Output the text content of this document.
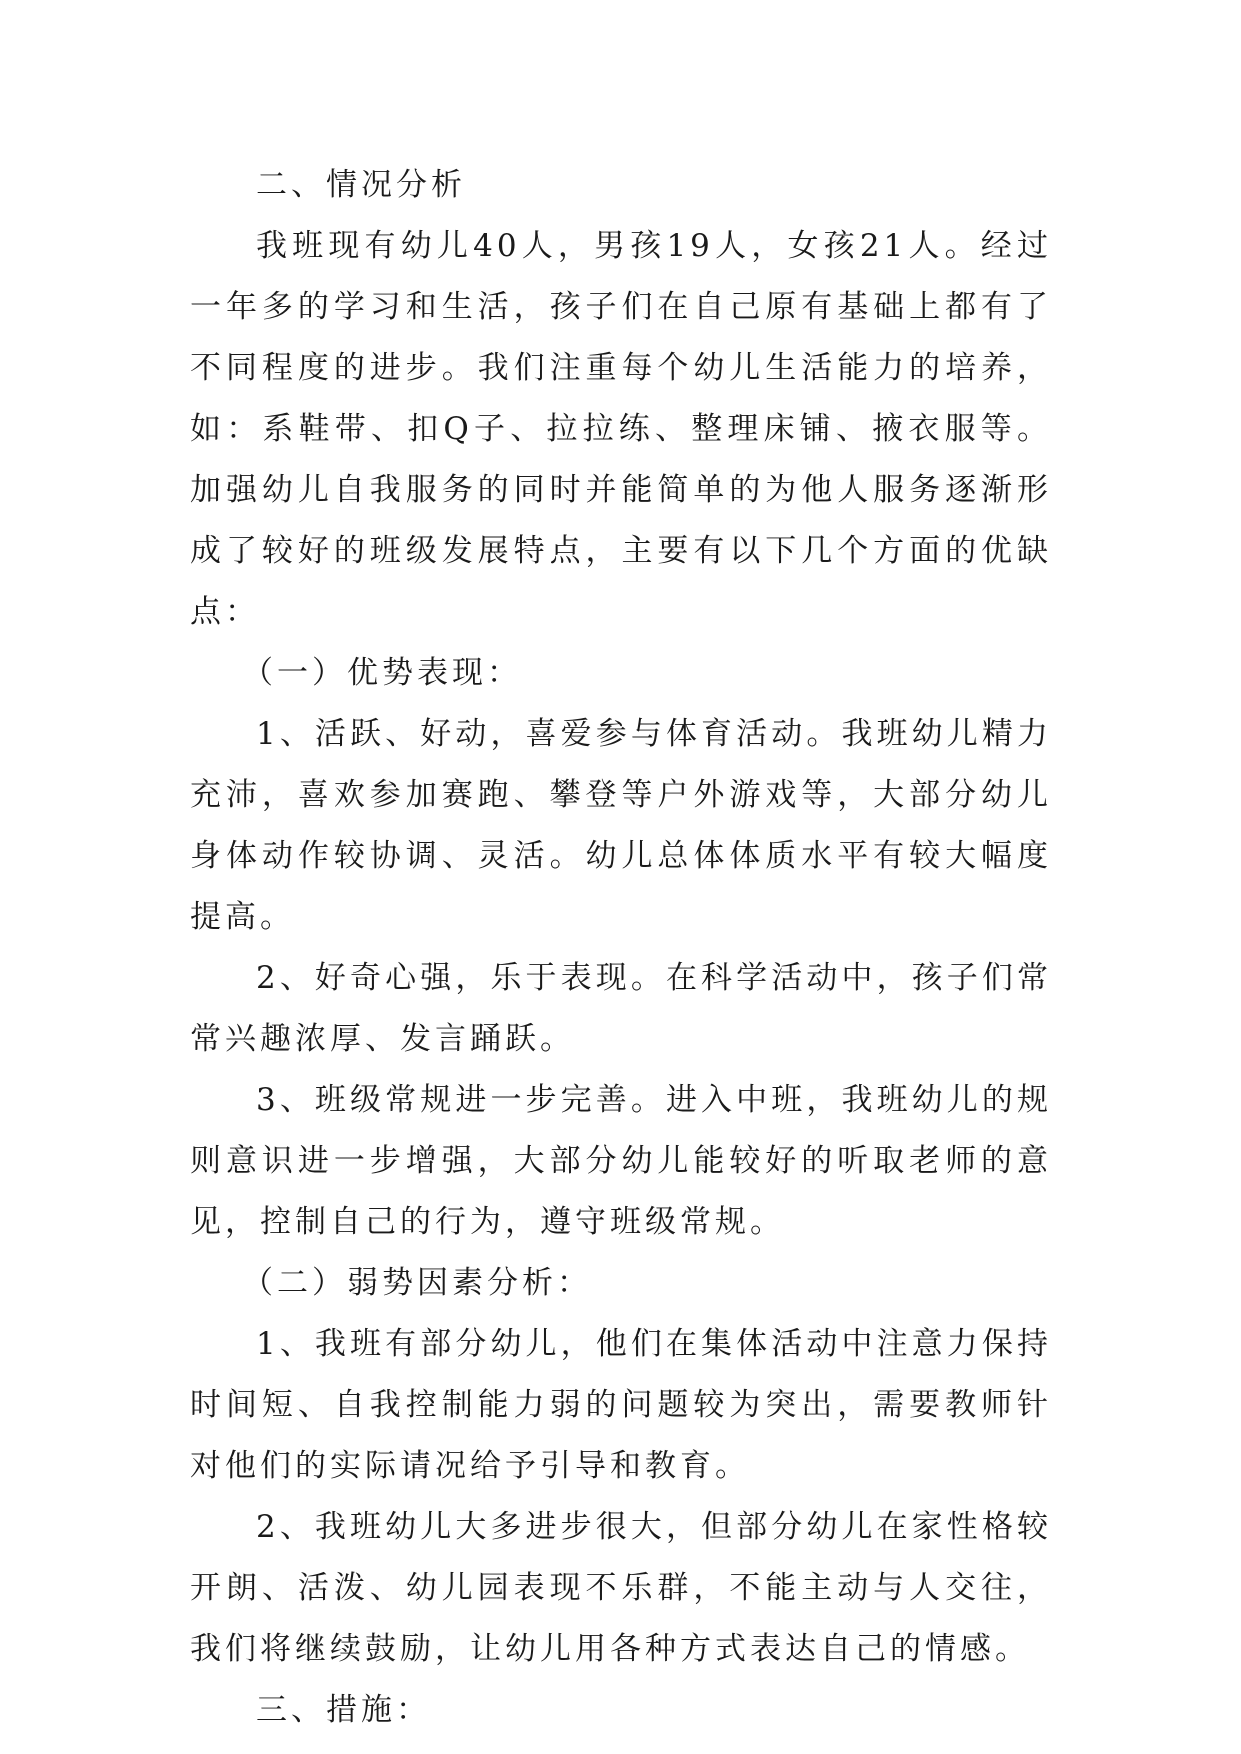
二、情况分析

我班现有幼儿40人，男孩19人，女孩21人。经过一年多的学习和生活，孩子们在自己原有基础上都有了不同程度的进步。我们注重每个幼儿生活能力的培养，如：系鞋带、扣Q子、拉拉练、整理床铺、掖衣服等。加强幼儿自我服务的同时并能简单的为他人服务逐渐形成了较好的班级发展特点，主要有以下几个方面的优缺点：

（一）优势表现：

1、活跃、好动，喜爱参与体育活动。我班幼儿精力充沛，喜欢参加赛跑、攀登等户外游戏等，大部分幼儿身体动作较协调、灵活。幼儿总体体质水平有较大幅度提高。

2、好奇心强，乐于表现。在科学活动中，孩子们常常兴趣浓厚、发言踊跃。

3、班级常规进一步完善。进入中班，我班幼儿的规则意识进一步增强，大部分幼儿能较好的听取老师的意见，控制自己的行为，遵守班级常规。

（二）弱势因素分析：

1、我班有部分幼儿，他们在集体活动中注意力保持时间短、自我控制能力弱的问题较为突出，需要教师针对他们的实际请况给予引导和教育。

2、我班幼儿大多进步很大，但部分幼儿在家性格较开朗、活泼、幼儿园表现不乐群，不能主动与人交往，我们将继续鼓励，让幼儿用各种方式表达自己的情感。

三、措施：
